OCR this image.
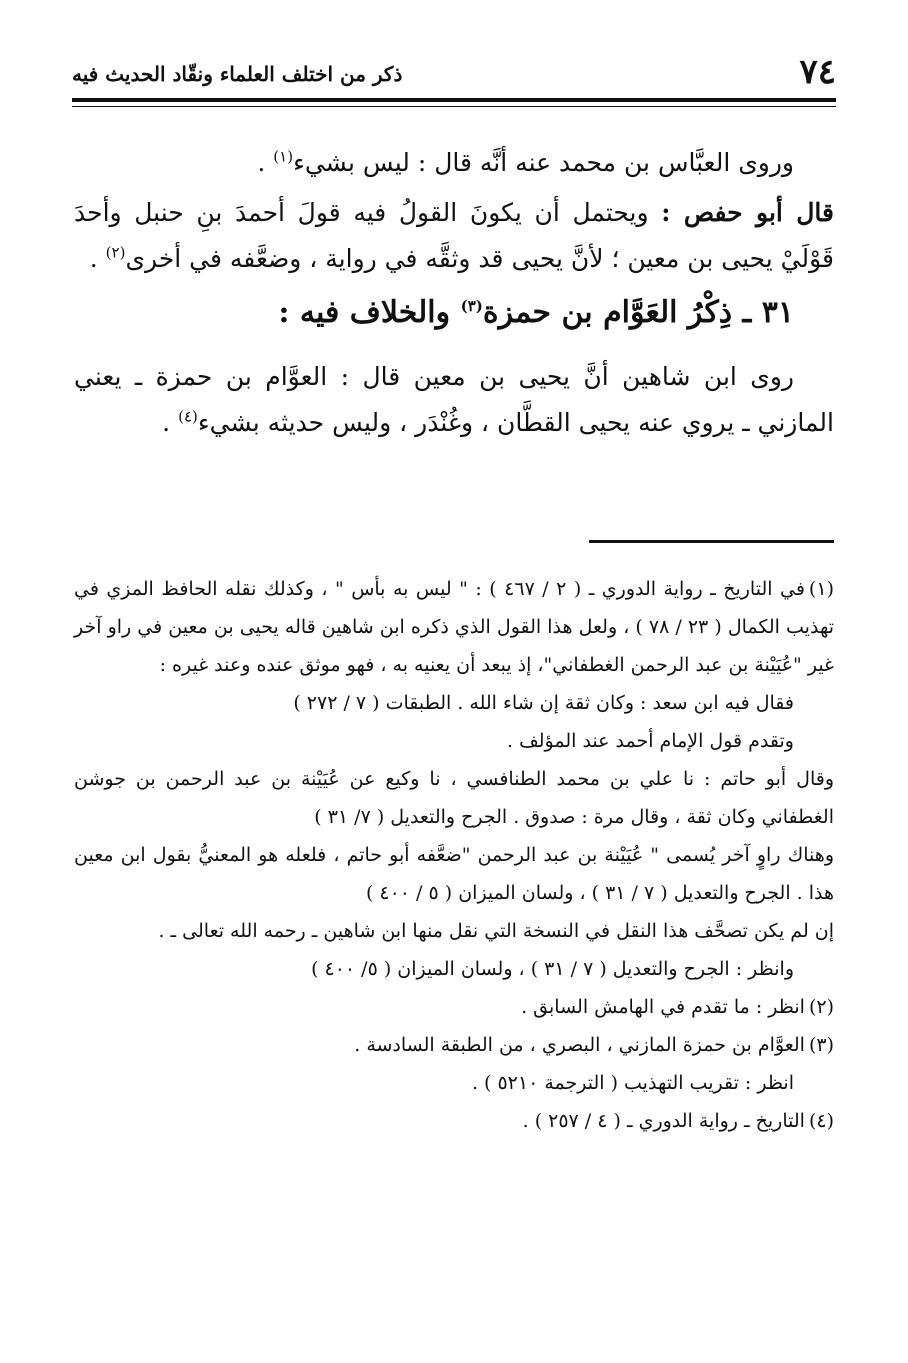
٧٤
ذكر من اختلف العلماء ونقّاد الحديث فيه

وروى العبَّاس بن محمد عنه أنَّه قال : ليس بشيء$^{(١)}$ .

قال أبو حفص : ويحتمل أن يكونَ القولُ فيه قولَ أحمدَ بنِ حنبل وأحدَ قَوْلَيْ يحيى بن معين ؛ لأنَّ يحيى قد وثقَّه في رواية ، وضعَّفه في أخرى$^{(٢)}$ .

٣١ ـ ذِكْرُ العَوَّام بن حمزة$^{(٣)}$ والخلاف فيه :

روى ابن شاهين أنَّ يحيى بن معين قال : العوَّام بن حمزة ـ يعني المازني ـ يروي عنه يحيى القطَّان ، وغُنْدَر ، وليس حديثه بشيء$^{(٤)}$ .

(١)في التاريخ ـ رواية الدوري ـ ( ٢ / ٤٦٧ ) : " ليس به بأس " ، وكذلك نقله الحافظ المزي في تهذيب الكمال ( ٢٣ / ٧٨ ) ، ولعل هذا القول الذي ذكره ابن شاهين قاله يحيى بن معين في راو آخر غير "عُيَيْنة بن عبد الرحمن الغطفاني"، إذ يبعد أن يعنيه به ، فهو موثق عنده وعند غيره :

فقال فيه ابن سعد : وكان ثقة إن شاء الله . الطبقات ( ٧ / ٢٧٢ )

وتقدم قول الإمام أحمد عند المؤلف .

وقال أبو حاتم : نا علي بن محمد الطنافسي ، نا وكيع عن عُيَيْنة بن عبد الرحمن بن جوشن الغطفاني وكان ثقة ، وقال مرة : صدوق . الجرح والتعديل ( ٧/ ٣١ )

وهناك راوٍ آخر يُسمى " عُيَيْنة بن عبد الرحمن "ضعَّفه أبو حاتم ، فلعله هو المعنيُّ بقول ابن معين هذا . الجرح والتعديل ( ٧ / ٣١ ) ، ولسان الميزان ( ٥ / ٤٠٠ )

إن لم يكن تصحَّف هذا النقل في النسخة التي نقل منها ابن شاهين ـ رحمه الله تعالى ـ .

وانظر : الجرح والتعديل ( ٧ / ٣١ ) ، ولسان الميزان ( ٥/ ٤٠٠ )

(٢)انظر : ما تقدم في الهامش السابق .

(٣)العوَّام بن حمزة المازني ، البصري ، من الطبقة السادسة .

انظر : تقريب التهذيب ( الترجمة ٥٢١٠ ) .

(٤)التاريخ ـ رواية الدوري ـ ( ٤ / ٢٥٧ ) .
